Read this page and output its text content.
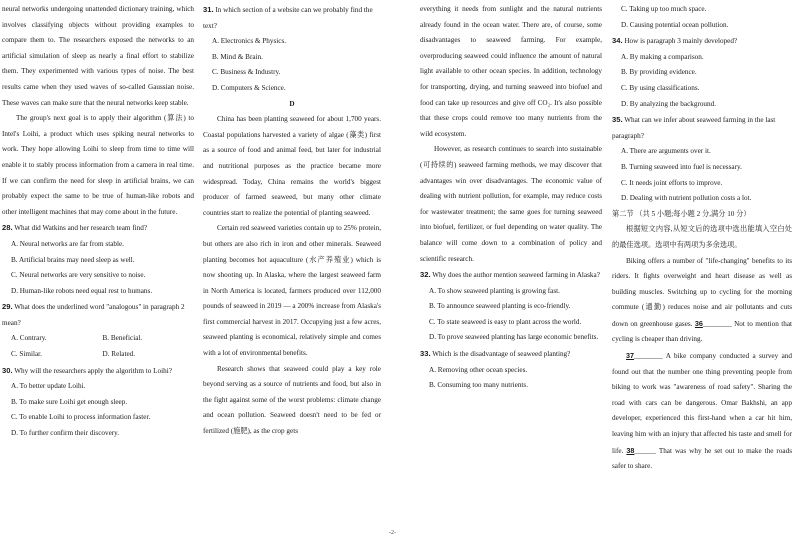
neural networks undergoing unattended dictionary training, which involves classifying objects without providing examples to compare them to. The researchers exposed the networks to an artificial simulation of sleep as nearly a final effort to stabilize them. They experimented with various types of noise. The best results came when they used waves of so-called Gaussian noise. These waves can make sure that the neural networks keep stable.

The group's next goal is to apply their algorithm (算法) to Intel's Loihi, a product which uses spiking neural networks to work. They hope allowing Loihi to sleep from time to time will enable it to stably process information from a camera in real time. If we can confirm the need for sleep in artificial brains, we can probably expect the same to be true of human-like robots and other intelligent machines that may come about in the future.

28. What did Watkins and her research team find?

A. Neural networks are far from stable.

B. Artificial brains may need sleep as well.

C. Neural networks are very sensitive to noise.

D. Human-like robots need equal rest to humans.

29. What does the underlined word "analogous" in paragraph 2 mean?

A. Contrary.	B. Beneficial.
C. Similar.	D. Related.

30. Why will the researchers apply the algorithm to Loihi?

A. To better update Loihi.

B. To make sure Loihi get enough sleep.

C. To enable Loihi to process information faster.

D. To further confirm their discovery.

31. In which section of a website can we probably find the text?

A. Electronics & Physics.

B. Mind & Brain.

C. Business & Industry.

D. Computers & Science.

D

China has been planting seaweed for about 1,700 years. Coastal populations harvested a variety of algae (藻类) first as a source of food and animal feed, but later for industrial and nutritional purposes as the practice became more widespread. Today, China remains the world's biggest producer of farmed seaweed, but many other climate countries start to realize the potential of planting seaweed.

Certain red seaweed varieties contain up to 25% protein, but others are also rich in iron and other minerals. Seaweed planting becomes hot aquaculture (水产养殖业) which is now shooting up. In Alaska, where the largest seaweed farm in North America is located, farmers produced over 112,000 pounds of seaweed in 2019 — a 200% increase from Alaska's first commercial harvest in 2017. Occupying just a few acres, seaweed planting is economical, relatively simple and comes with a lot of environmental benefits.

Research shows that seaweed could play a key role beyond serving as a source of nutrients and food, but also in the fight against some of the worst problems: climate change and ocean pollution. Seaweed doesn't need to be fed or fertilized (施肥), as the crop gets

everything it needs from sunlight and the natural nutrients already found in the ocean water. There are, of course, some disadvantages to seaweed farming. For example, overproducing seaweed could influence the amount of natural light available to other ocean species. In addition, technology for transporting, drying, and turning seaweed into biofuel and food can take up resources and give off CO₂. It's also possible that these crops could remove too many nutrients from the wild ecosystem.

However, as research continues to search into sustainable (可持续的) seaweed farming methods, we may discover that advantages win over disadvantages. The economic value of dealing with nutrient pollution, for example, may reduce costs for wastewater treatment; the same goes for turning seaweed into biofuel, fertilizer, or fuel depending on water quality. The balance will come down to a combination of policy and scientific research.

32. Why does the author mention seaweed farming in Alaska?

A. To show seaweed planting is growing fast.

B. To announce seaweed planting is eco-friendly.

C. To state seaweed is easy to plant across the world.

D. To prove seaweed planting has large economic benefits.

33. Which is the disadvantage of seaweed planting?

A. Removing other ocean species.

B. Consuming too many nutrients.

C. Taking up too much space.

D. Causing potential ocean pollution.

34. How is paragraph 3 mainly developed?

A. By making a comparison.

B. By providing evidence.

C. By using classifications.

D. By analyzing the background.

35. What can we infer about seaweed farming in the last paragraph?

A. There are arguments over it.

B. Turning seaweed into fuel is necessary.

C. It needs joint efforts to improve.

D. Dealing with nutrient pollution costs a lot.

第二节 （共 5 小题;每小题 2 分,满分 10 分）

根据短文内容,从短文后的选项中选出能填入空白处的最佳选项。选项中有两项为多余选项。

Biking offers a number of "life-changing" benefits to its riders. It fights overweight and heart disease as well as building muscles. Switching up to cycling for the morning commute (通勤) reduces noise and air pollutants and cuts down on greenhouse gases. 36________ Not to mention that cycling is cheaper than driving.

37________ A bike company conducted a survey and found out that the number one thing preventing people from biking to work was "awareness of road safety". Sharing the road with cars can be dangerous. Omar Bakhshi, an app developer, experienced this first-hand when a car hit him, leaving him with an injury that affected his taste and smell for life. 38______ That was why he set out to make the roads safer to share.

-2-
